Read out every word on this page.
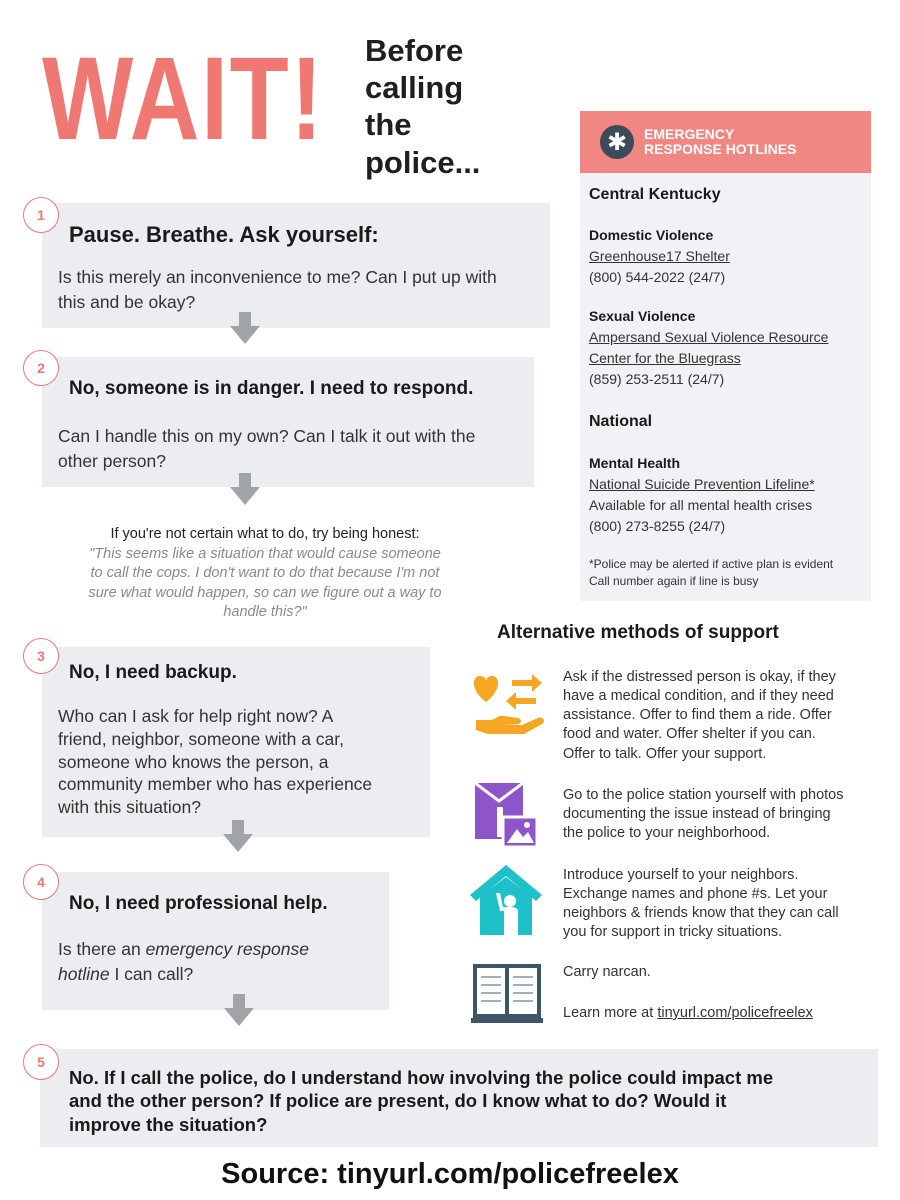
WAIT! Before
calling
the
police...
1
Pause. Breathe. Ask yourself:
Is this merely an inconvenience to me? Can I put up with
this and be okay?
2
No, someone is in danger. I need to respond.
Can I handle this on my own? Can I talk it out with the
other person?
If you're not certain what to do, try being honest:
"This seems like a situation that would cause someone
to call the cops. I don't want to do that because I'm not
sure what would happen, so can we figure out a way to
handle this?"
3
No, I need backup.
Who can I ask for help right now? A
friend, neighbor, someone with a car,
someone who knows the person, a
community member who has experience
with this situation?
4
No, I need professional help.
Is there an emergency response
hotline I can call?
5
No. If I call the police, do I understand how involving the police could impact me
and the other person? If police are present, do I know what to do? Would it
improve the situation?
✱	EMERGENCY
RESPONSE HOTLINES
Central Kentucky
Domestic Violence
Greenhouse17 Shelter
(800) 544-2022 (24/7)
Sexual Violence
Ampersand Sexual Violence Resource
Center for the Bluegrass
(859) 253-2511 (24/7)
National
Mental Health
National Suicide Prevention Lifeline*
Available for all mental health crises
(800) 273-8255 (24/7)
*Police may be alerted if active plan is evident
Call number again if line is busy
Alternative methods of support
Ask if the distressed person is okay, if they
have a medical condition, and if they need
assistance. Offer to find them a ride. Offer
food and water. Offer shelter if you can.
Offer to talk. Offer your support.
Go to the police station yourself with photos
documenting the issue instead of bringing
the police to your neighborhood.
Introduce yourself to your neighbors.
Exchange names and phone #s. Let your
neighbors & friends know that they can call
you for support in tricky situations.
Carry narcan.
Learn more at tinyurl.com/policefreelex
Source: tinyurl.com/policefreelex
